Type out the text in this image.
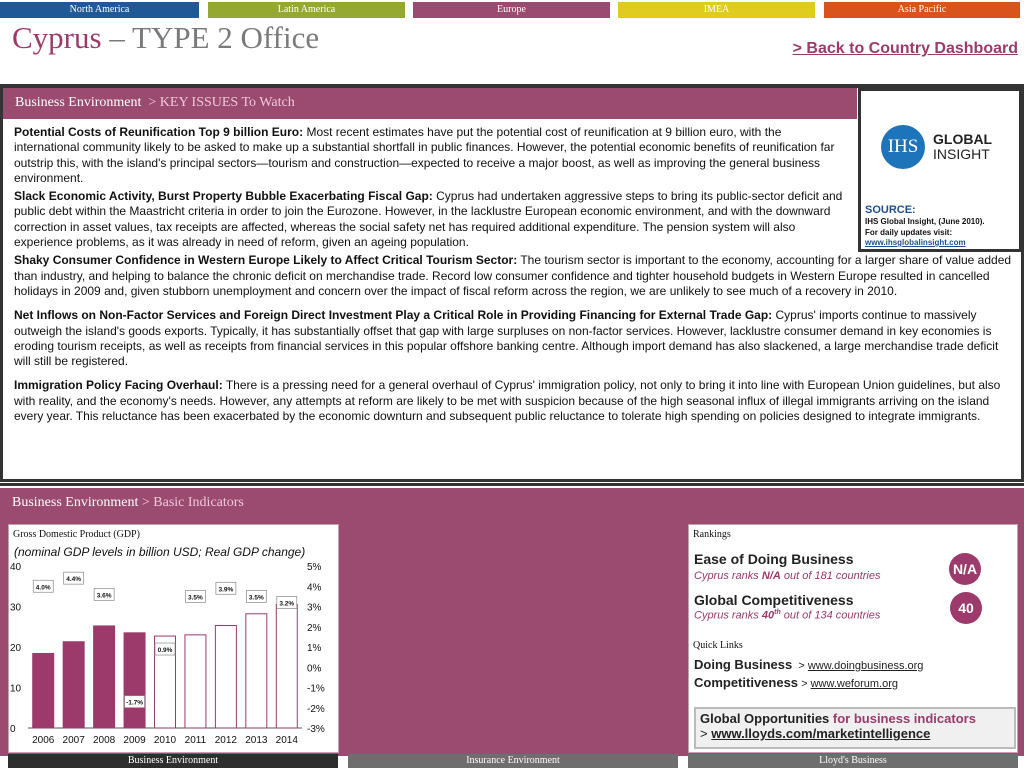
North America	Latin America	Europe	IMEA	Asia Pacific
Cyprus – TYPE 2 Office	> Back to Country Dashboard
Business Environment > KEY ISSUES To Watch

Potential Costs of Reunification Top 9 billion Euro: Most recent estimates have put the potential cost of reunification at 9 billion euro, with the international community likely to be asked to make up a substantial shortfall in public finances. However, the potential economic benefits of reunification far outstrip this, with the island's principal sectors—tourism and construction—expected to receive a major boost, as well as improving the general business environment.

Slack Economic Activity, Burst Property Bubble Exacerbating Fiscal Gap: Cyprus had undertaken aggressive steps to bring its public-sector deficit and public debt within the Maastricht criteria in order to join the Eurozone. However, in the lacklustre European economic environment, and with the downward correction in asset values, tax receipts are affected, whereas the social safety net has required additional expenditure. The pension system will also experience problems, as it was already in need of reform, given an ageing population.

Shaky Consumer Confidence in Western Europe Likely to Affect Critical Tourism Sector: The tourism sector is important to the economy, accounting for a larger share of value added than industry, and helping to balance the chronic deficit on merchandise trade. Record low consumer confidence and tighter household budgets in Western Europe resulted in cancelled holidays in 2009 and, given stubborn unemployment and concern over the impact of fiscal reform across the region, we are unlikely to see much of a recovery in 2010.

Net Inflows on Non-Factor Services and Foreign Direct Investment Play a Critical Role in Providing Financing for External Trade Gap: Cyprus' imports continue to massively outweigh the island's goods exports. Typically, it has substantially offset that gap with large surpluses on non-factor services. However, lacklustre consumer demand in key economies is eroding tourism receipts, as well as receipts from financial services in this popular offshore banking centre. Although import demand has also slackened, a large merchandise trade deficit will still be registered.

Immigration Policy Facing Overhaul: There is a pressing need for a general overhaul of Cyprus' immigration policy, not only to bring it into line with European Union guidelines, but also with reality, and the economy's needs. However, any attempts at reform are likely to be met with suspicion because of the high seasonal influx of illegal immigrants arriving on the island every year. This reluctance has been exacerbated by the economic downturn and subsequent public reluctance to tolerate high spending on policies designed to integrate immigrants.

IHS	GLOBAL
INSIGHT
SOURCE:
IHS Global Insight, (June 2010).
For daily updates visit:
www.ihsglobalinsight.com
Business Environment > Basic Indicators
Gross Domestic Product (GDP)
(nominal GDP levels in billion USD; Real GDP change)
0
10
20
30
40
-3%
-2%
-1%
0%
1%
2%
3%
4%
5%
2006
4.0%
2007
4.4%
2008
3.6%
2009
-1.7%
2010
0.9%
2011
3.5%
2012
3.9%
2013
3.5%
2014
3.2%
Rankings
Ease of Doing Business
Cyprus ranks N/A out of 181 countries	N/A
Global Competitiveness
Cyprus ranks 40th out of 134 countries	40
Quick Links
Doing Business  > www.doingbusiness.org
Competitiveness > www.weforum.org
Global Opportunities for business indicators
> www.lloyds.com/marketintelligence
Business Environment	Insurance Environment	Lloyd's Business
